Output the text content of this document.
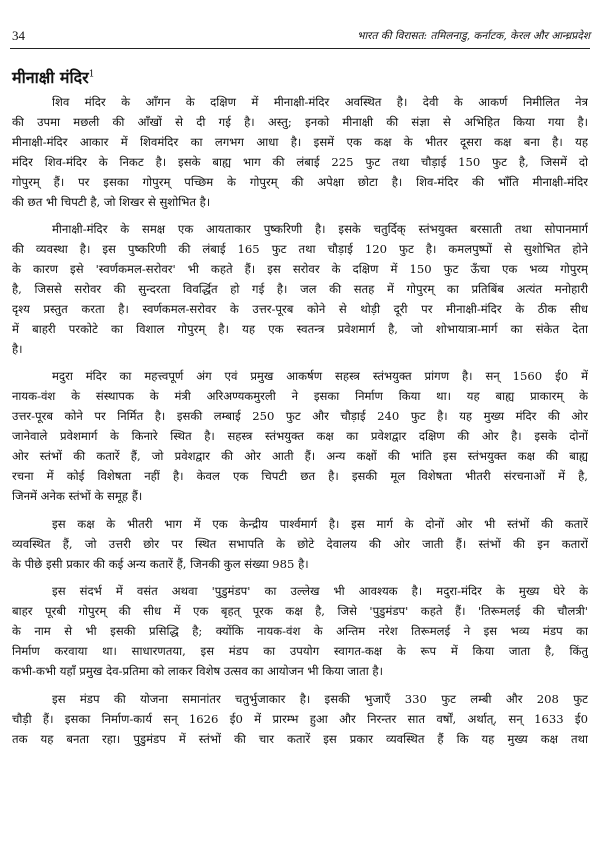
34	भारत की विरासत: तमिलनाडु, कर्नाटक, केरल और आन्ध्रप्रदेश
मीनाक्षी मंदिर$^1$
शिव मंदिर के आँगन के दक्षिण में मीनाक्षी-मंदिर अवस्थित है। देवी के आकर्ण निमीलित नेत्र
की उपमा मछली की आँखों से दी गई है। अस्तु; इनको मीनाक्षी की संज्ञा से अभिहित किया गया है।
मीनाक्षी-मंदिर आकार में शिवमंदिर का लगभग आधा है। इसमें एक कक्ष के भीतर दूसरा कक्ष बना है। यह
मंदिर शिव-मंदिर के निकट है। इसके बाह्य भाग की लंबाई 225 फुट तथा चौड़ाई 150 फुट है, जिसमें दो
गोपुरम् हैं। पर इसका गोपुरम् पच्छिम के गोपुरम् की अपेक्षा छोटा है। शिव-मंदिर की भाँति मीनाक्षी-मंदिर
की छत भी चिपटी है, जो शिखर से सुशोभित है।
मीनाक्षी-मंदिर के समक्ष एक आयताकार पुष्करिणी है। इसके चतुर्दिक् स्तंभयुक्त बरसाती तथा सोपानमार्ग
की व्यवस्था है। इस पुष्करिणी की लंबाई 165 फुट तथा चौड़ाई 120 फुट है। कमलपुष्पों से सुशोभित होने
के कारण इसे 'स्वर्णकमल-सरोवर' भी कहते हैं। इस सरोवर के दक्षिण में 150 फुट ऊँचा एक भव्य गोपुरम्
है, जिससे सरोवर की सुन्दरता विवर्द्धित हो गई है। जल की सतह में गोपुरम् का प्रतिबिंब अत्यंत मनोहारी
दृश्य प्रस्तुत करता है। स्वर्णकमल-सरोवर के उत्तर-पूरब कोने से थोड़ी दूरी पर मीनाक्षी-मंदिर के ठीक सीध
में बाहरी परकोटे का विशाल गोपुरम् है। यह एक स्वतन्त्र प्रवेशमार्ग है, जो शोभायात्रा-मार्ग का संकेत देता
है।
मदुरा मंदिर का महत्त्वपूर्ण अंग एवं प्रमुख आकर्षण सहस्त्र स्तंभयुक्त प्रांगण है। सन् 1560 ई0 में
नायक-वंश के संस्थापक के मंत्री अरिअण्यकमुरली ने इसका निर्माण किया था। यह बाह्य प्राकारम् के
उत्तर-पूरब कोने पर निर्मित है। इसकी लम्बाई 250 फुट और चौड़ाई 240 फुट है। यह मुख्य मंदिर की ओर
जानेवाले प्रवेशमार्ग के किनारे स्थित है। सहस्त्र स्तंभयुक्त कक्ष का प्रवेशद्वार दक्षिण की ओर है। इसके दोनों
ओर स्तंभों की कतारें हैं, जो प्रवेशद्वार की ओर आती हैं। अन्य कक्षों की भांति इस स्तंभयुक्त कक्ष की बाह्य
रचना में कोई विशेषता नहीं है। केवल एक चिपटी छत है। इसकी मूल विशेषता भीतरी संरचनाओं में है,
जिनमें अनेक स्तंभों के समूह हैं।
इस कक्ष के भीतरी भाग में एक केन्द्रीय पार्श्वमार्ग है। इस मार्ग के दोनों ओर भी स्तंभों की कतारें
व्यवस्थित हैं, जो उत्तरी छोर पर स्थित सभापति के छोटे देवालय की ओर जाती हैं। स्तंभों की इन कतारों
के पीछे इसी प्रकार की कई अन्य कतारें हैं, जिनकी कुल संख्या 985 है।
इस संदर्भ में वसंत अथवा 'पुडुमंडप' का उल्लेख भी आवश्यक है। मदुरा-मंदिर के मुख्य घेरे के
बाहर पूरबी गोपुरम् की सीध में एक बृहत् पूरक कक्ष है, जिसे 'पुडुमंडप' कहते हैं। 'तिरूमलई की चौलत्री'
के नाम से भी इसकी प्रसिद्धि है; क्योंकि नायक-वंश के अन्तिम नरेश तिरूमलई ने इस भव्य मंडप का
निर्माण करवाया था। साधारणतया, इस मंडप का उपयोग स्वागत-कक्ष के रूप में किया जाता है, किंतु
कभी-कभी यहाँ प्रमुख देव-प्रतिमा को लाकर विशेष उत्सव का आयोजन भी किया जाता है।
इस मंडप की योजना समानांतर चतुर्भुजाकार है। इसकी भुजाएँ 330 फुट लम्बी और 208 फुट
चौड़ी हैं। इसका निर्माण-कार्य सन् 1626 ई0 में प्रारम्भ हुआ और निरन्तर सात वर्षों, अर्थात्, सन् 1633 ई0
तक यह बनता रहा। पुडुमंडप में स्तंभों की चार कतारें इस प्रकार व्यवस्थित हैं कि यह मुख्य कक्ष तथा
